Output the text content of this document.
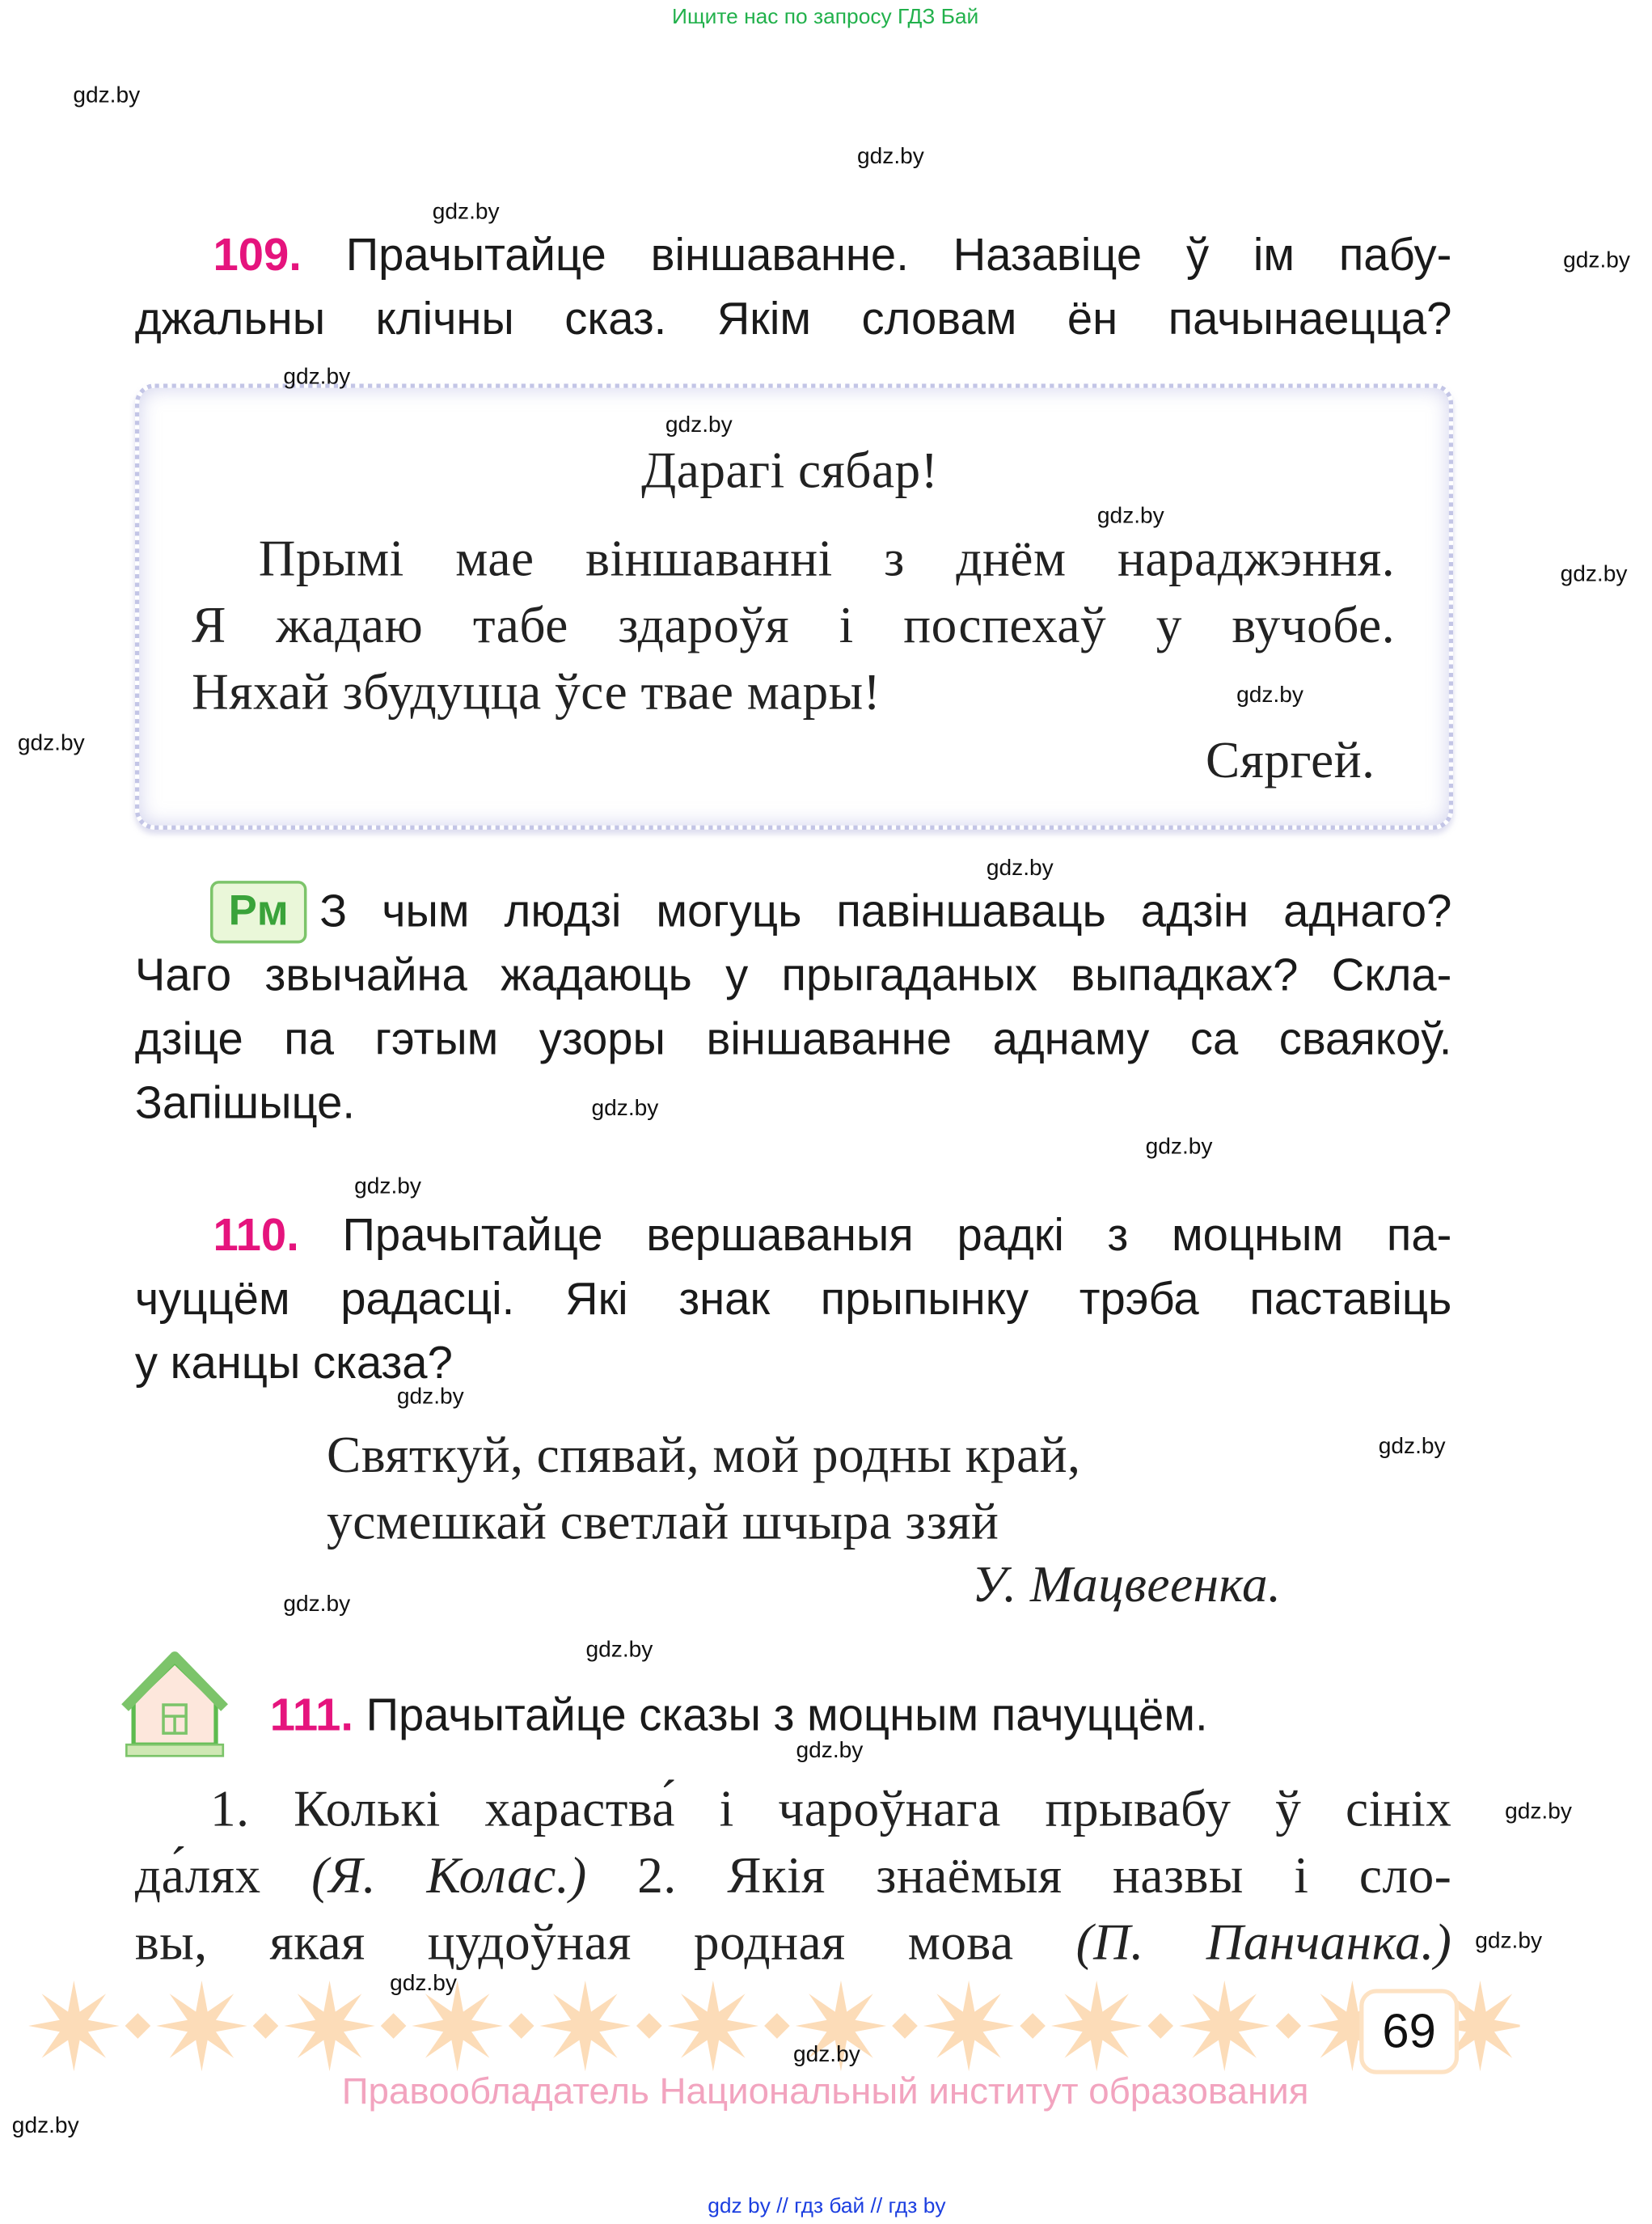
Ищите нас по запросу ГДЗ Бай
109. Прачытайце віншаванне. Назавіце ў ім пабу-
джальны клічны сказ. Якім словам ён пачынаецца?
Дарагі сябар!
Прымі мае віншаванні з днём нараджэння.
Я жадаю табе здароўя і поспехаў у вучобе.
Няхай збудуцца ўсе твае мары!
Сяргей.
Рм	З чым людзі могуць павіншаваць адзін аднаго?
Чаго звычайна жадаюць у прыгаданых выпадках? Скла-
дзіце па гэтым узоры віншаванне аднаму са сваякоў.
Запішыце.
110. Прачытайце вершаваныя радкі з моцным па-
чуццём радасці. Які знак прыпынку трэба паставіць
у канцы сказа?
Святкуй, спявай, мой родны край,
усмешкай светлай шчыра ззяй
У. Мацвеенка.
111. Прачытайце сказы з моцным пачуццём.
1. Колькі хараства́ і чароўнага прывабу ў сініх
да́лях (Я. Колас.) 2. Якія знаёмыя назвы і сло-
вы, якая цудоўная родная мова (П. Панчанка.)
69
Правообладатель Национальный институт образования
gdz by // гдз бай // гдз by
gdz.by
gdz.by
gdz.by
gdz.by
gdz.by
gdz.by
gdz.by
gdz.by
gdz.by
gdz.by
gdz.by
gdz.by
gdz.by
gdz.by
gdz.by
gdz.by
gdz.by
gdz.by
gdz.by
gdz.by
gdz.by
gdz.by
gdz.by
gdz.by
